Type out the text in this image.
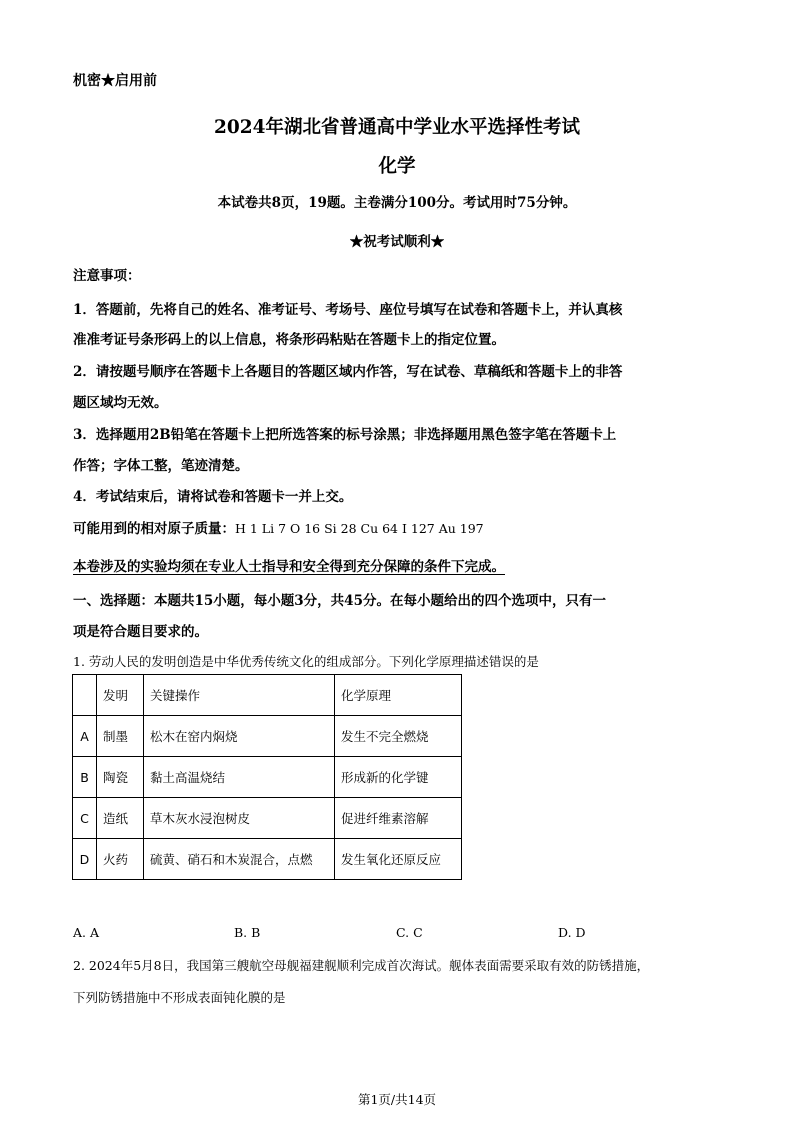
机密★启用前
2024年湖北省普通高中学业水平选择性考试
化学
本试卷共8页，19题。主卷满分100分。考试用时75分钟。
★祝考试顺利★
注意事项：
1．答题前，先将自己的姓名、准考证号、考场号、座位号填写在试卷和答题卡上，并认真核
准准考证号条形码上的以上信息，将条形码粘贴在答题卡上的指定位置。
2．请按题号顺序在答题卡上各题目的答题区域内作答，写在试卷、草稿纸和答题卡上的非答
题区域均无效。
3．选择题用2B铅笔在答题卡上把所选答案的标号涂黑；非选择题用黑色签字笔在答题卡上
作答；字体工整，笔迹清楚。
4．考试结束后，请将试卷和答题卡一并上交。
可能用到的相对原子质量：H 1 Li 7 O 16 Si 28 Cu 64 I 127 Au 197
本卷涉及的实验均须在专业人士指导和安全得到充分保障的条件下完成。
一、选择题：本题共15小题，每小题3分，共45分。在每小题给出的四个选项中，只有一
项是符合题目要求的。
1. 劳动人民的发明创造是中华优秀传统文化的组成部分。下列化学原理描述错误的是
	发明	关键操作	化学原理
A	制墨	松木在窑内焖烧	发生不完全燃烧
B	陶瓷	黏土高温烧结	形成新的化学键
C	造纸	草木灰水浸泡树皮	促进纤维素溶解
D	火药	硫黄、硝石和木炭混合，点燃	发生氧化还原反应
A. A	B. B	C. C	D. D
2. 2024年5月8日，我国第三艘航空母舰福建舰顺利完成首次海试。舰体表面需要采取有效的防锈措施，
下列防锈措施中不形成表面钝化膜的是
第1页/共14页
